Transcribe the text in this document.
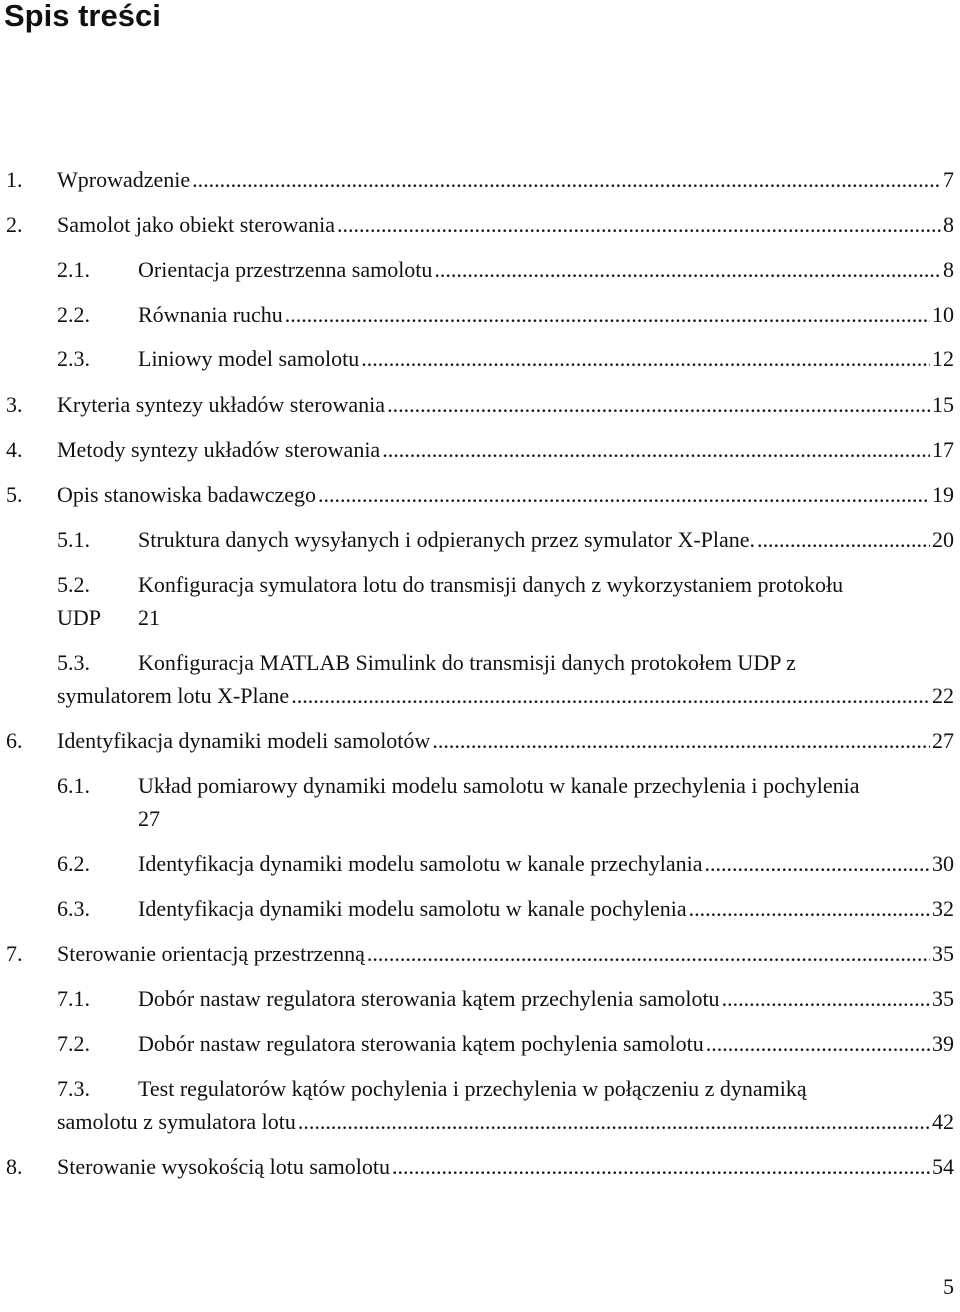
Spis treści
1. Wprowadzenie .....	7
2. Samolot jako obiekt sterowania .....	8
2.1. Orientacja przestrzenna samolotu .....	8
2.2. Równania ruchu .....	10
2.3. Liniowy model samolotu .....	12
3. Kryteria syntezy układów sterowania .....	15
4. Metody syntezy układów sterowania .....	17
5. Opis stanowiska badawczego .....	19
5.1. Struktura danych wysyłanych i odpieranych przez symulator X-Plane. .....	20
5.2. Konfiguracja symulatora lotu do transmisji danych z wykorzystaniem protokołu
UDP 21
5.3. Konfiguracja MATLAB Simulink do transmisji danych protokołem UDP z
symulatorem lotu X-Plane .....	22
6. Identyfikacja dynamiki modeli samolotów .....	27
6.1. Układ pomiarowy dynamiki modelu samolotu w kanale przechylenia i pochylenia
27
6.2. Identyfikacja dynamiki modelu samolotu w kanale przechylania .....	30
6.3. Identyfikacja dynamiki modelu samolotu w kanale pochylenia .....	32
7. Sterowanie orientacją przestrzenną .....	35
7.1. Dobór nastaw regulatora sterowania kątem przechylenia samolotu .....	35
7.2. Dobór nastaw regulatora sterowania kątem pochylenia samolotu .....	39
7.3. Test regulatorów kątów pochylenia i przechylenia w połączeniu z dynamiką
samolotu z symulatora lotu .....	42
8. Sterowanie wysokością lotu samolotu .....	54
5
